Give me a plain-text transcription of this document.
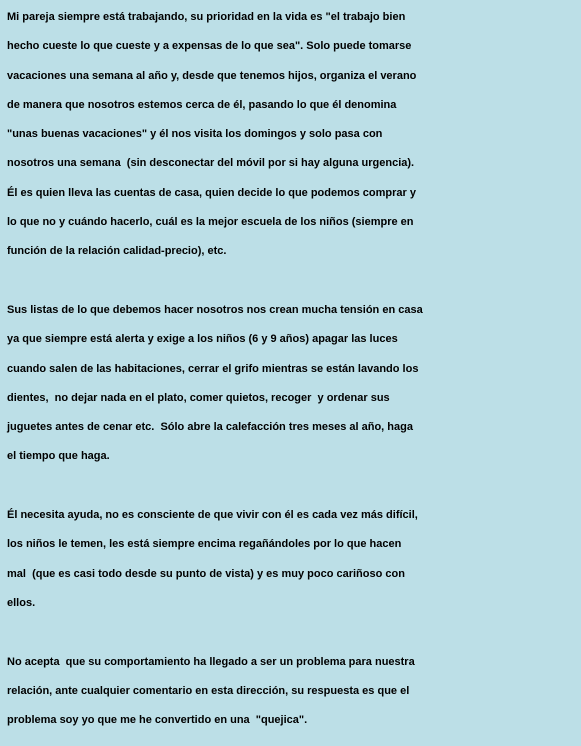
Mi pareja siempre está trabajando, su prioridad en la vida es "el trabajo bien
hecho cueste lo que cueste y a expensas de lo que sea". Solo puede tomarse
vacaciones una semana al año y, desde que tenemos hijos, organiza el verano
de manera que nosotros estemos cerca de él, pasando lo que él denomina
"unas buenas vacaciones" y él nos visita los domingos y solo pasa con
nosotros una semana  (sin desconectar del móvil por si hay alguna urgencia).
Él es quien lleva las cuentas de casa, quien decide lo que podemos comprar y
lo que no y cuándo hacerlo, cuál es la mejor escuela de los niños (siempre en
función de la relación calidad-precio), etc.
Sus listas de lo que debemos hacer nosotros nos crean mucha tensión en casa
ya que siempre está alerta y exige a los niños (6 y 9 años) apagar las luces
cuando salen de las habitaciones, cerrar el grifo mientras se están lavando los
dientes,  no dejar nada en el plato, comer quietos, recoger  y ordenar sus
juguetes antes de cenar etc.  Sólo abre la calefacción tres meses al año, haga
el tiempo que haga.
Él necesita ayuda, no es consciente de que vivir con él es cada vez más difícil,
los niños le temen, les está siempre encima regañándoles por lo que hacen
mal  (que es casi todo desde su punto de vista) y es muy poco cariñoso con
ellos.
No acepta  que su comportamiento ha llegado a ser un problema para nuestra
relación, ante cualquier comentario en esta dirección, su respuesta es que el
problema soy yo que me he convertido en una  "quejica".
